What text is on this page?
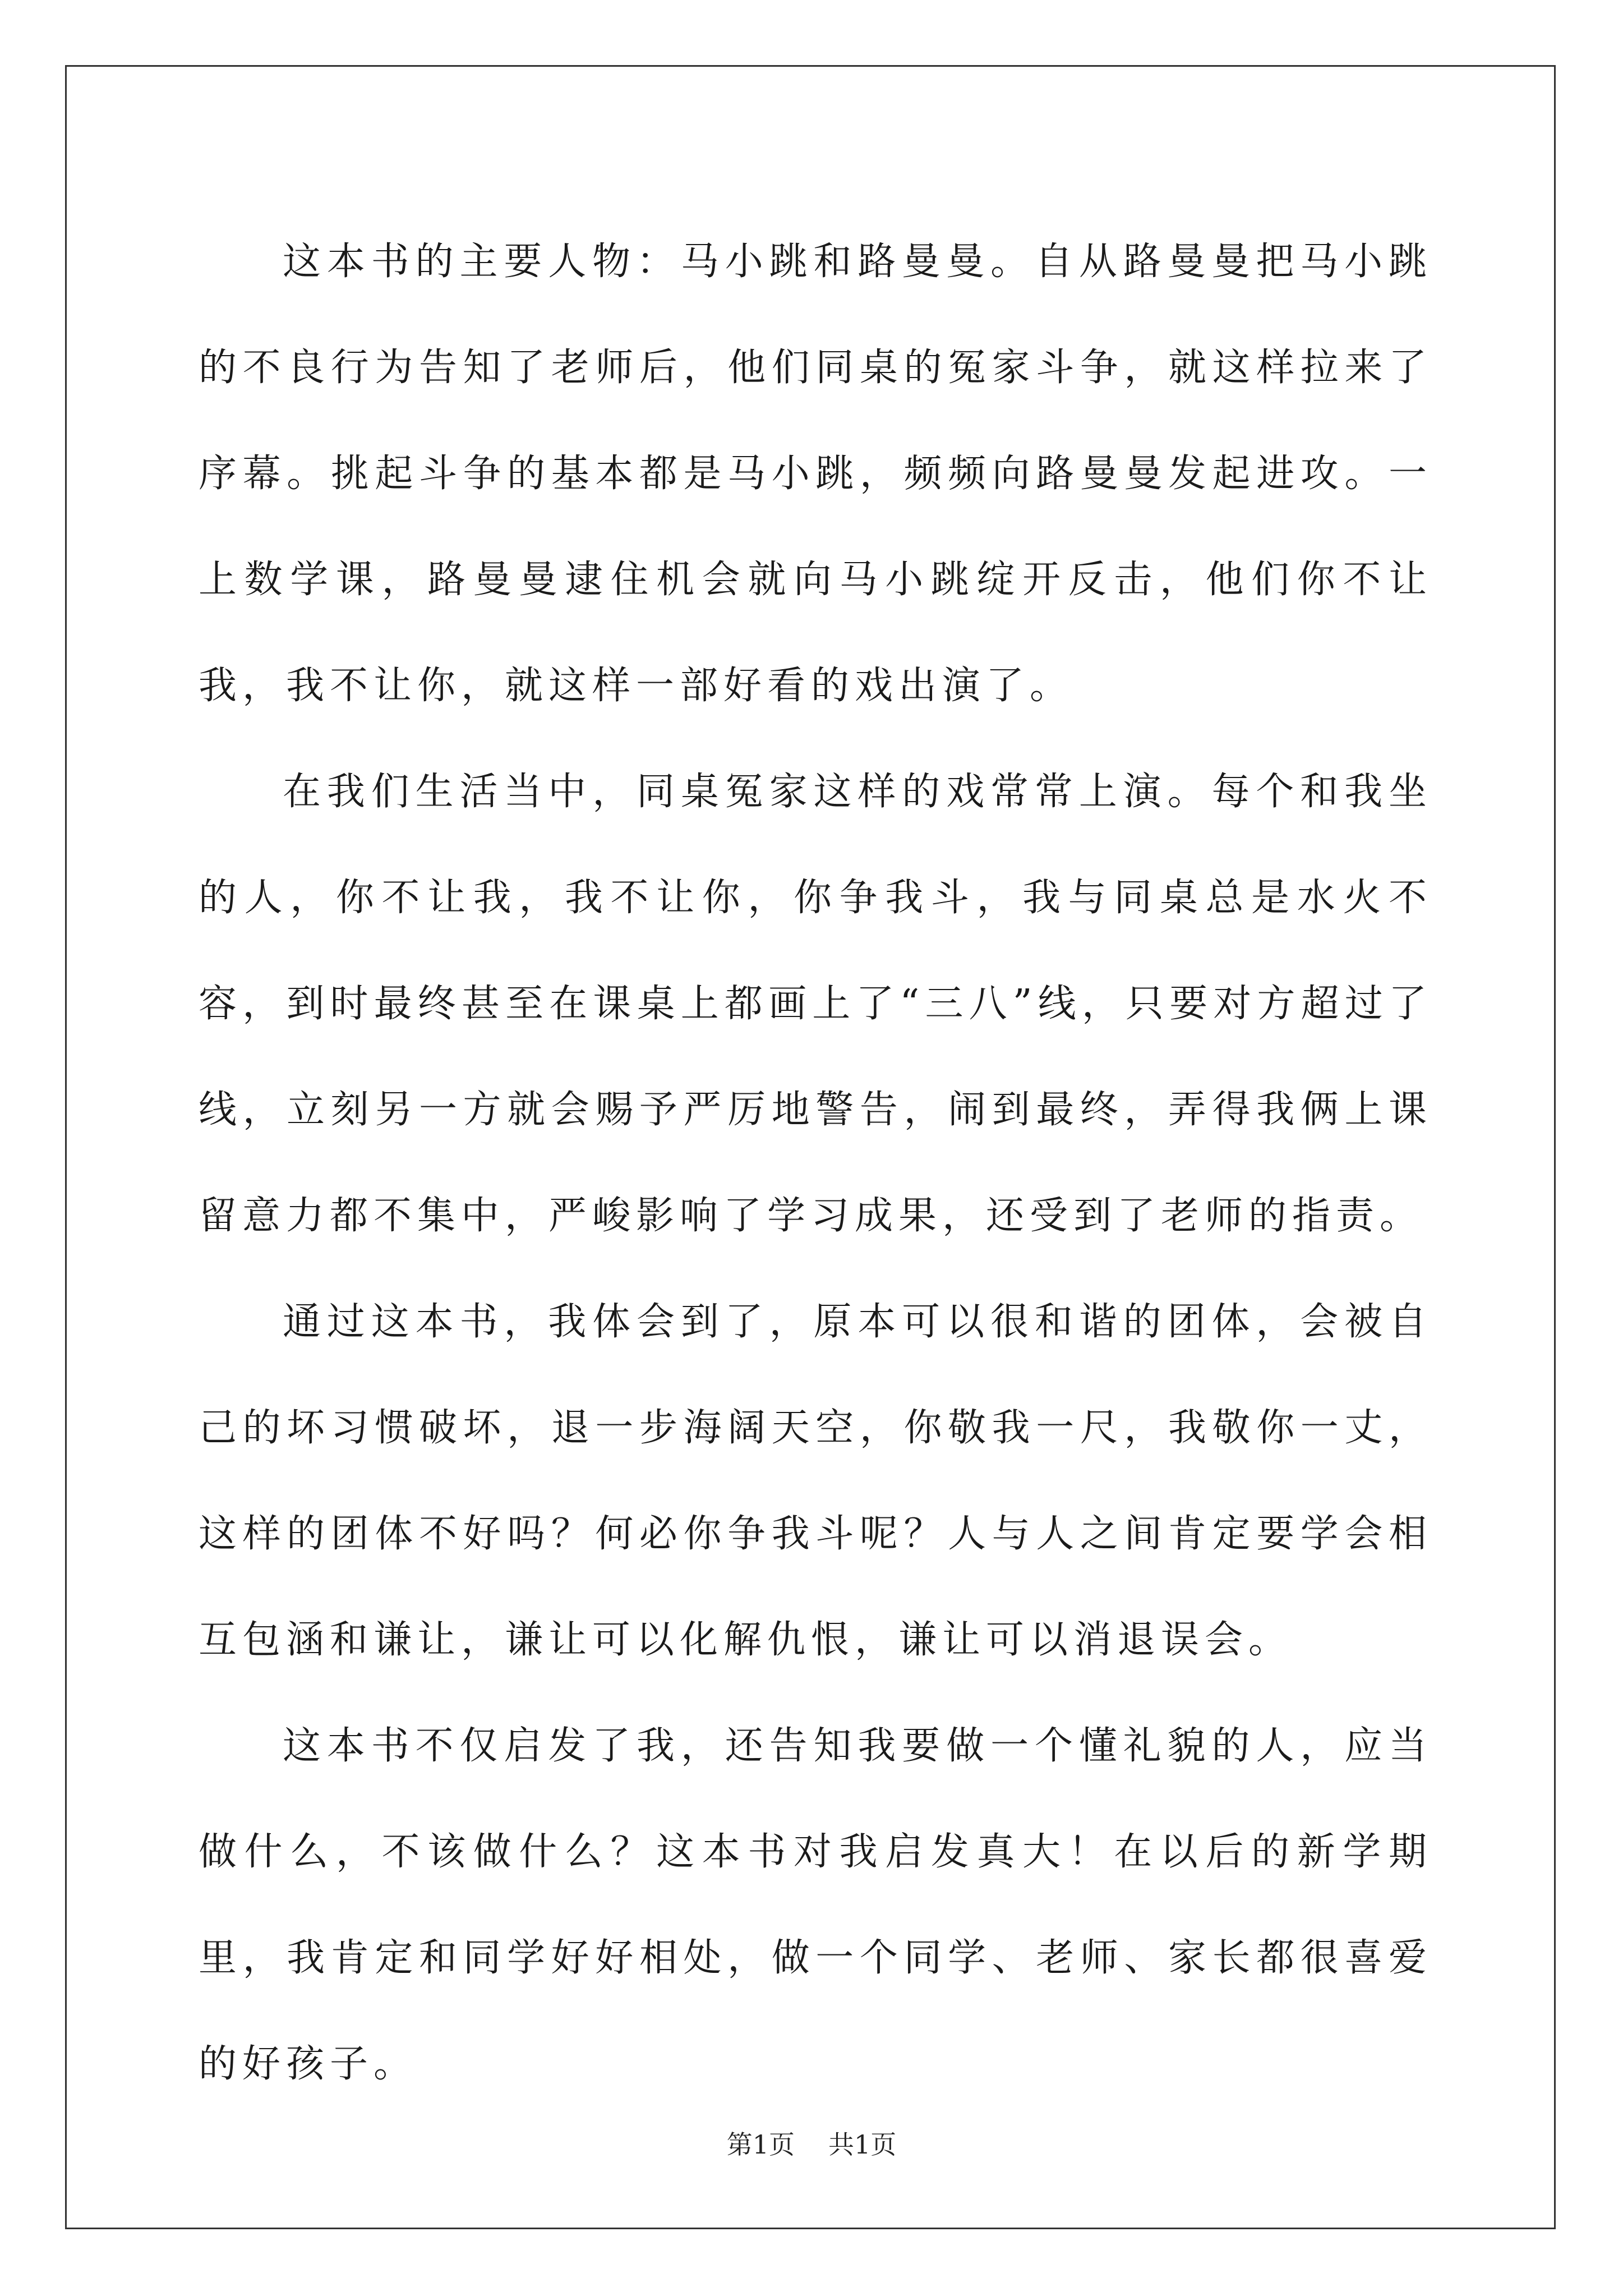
这本书的主要人物：马小跳和路曼曼。自从路曼曼把马小跳的不良行为告知了老师后，他们同桌的冤家斗争，就这样拉来了序幕。挑起斗争的基本都是马小跳，频频向路曼曼发起进攻。一上数学课，路曼曼逮住机会就向马小跳绽开反击，他们你不让我，我不让你，就这样一部好看的戏出演了。

在我们生活当中，同桌冤家这样的戏常常上演。每个和我坐的人，你不让我，我不让你，你争我斗，我与同桌总是水火不容，到时最终甚至在课桌上都画上了“三八”线，只要对方超过了线，立刻另一方就会赐予严厉地警告，闹到最终，弄得我俩上课留意力都不集中，严峻影响了学习成果，还受到了老师的指责。

通过这本书，我体会到了，原本可以很和谐的团体，会被自己的坏习惯破坏，退一步海阔天空，你敬我一尺，我敬你一丈，这样的团体不好吗？何必你争我斗呢？人与人之间肯定要学会相互包涵和谦让，谦让可以化解仇恨，谦让可以消退误会。

这本书不仅启发了我，还告知我要做一个懂礼貌的人，应当做什么，不该做什么？这本书对我启发真大！在以后的新学期里，我肯定和同学好好相处，做一个同学、老师、家长都很喜爱的好孩子。

第1页 共1页
